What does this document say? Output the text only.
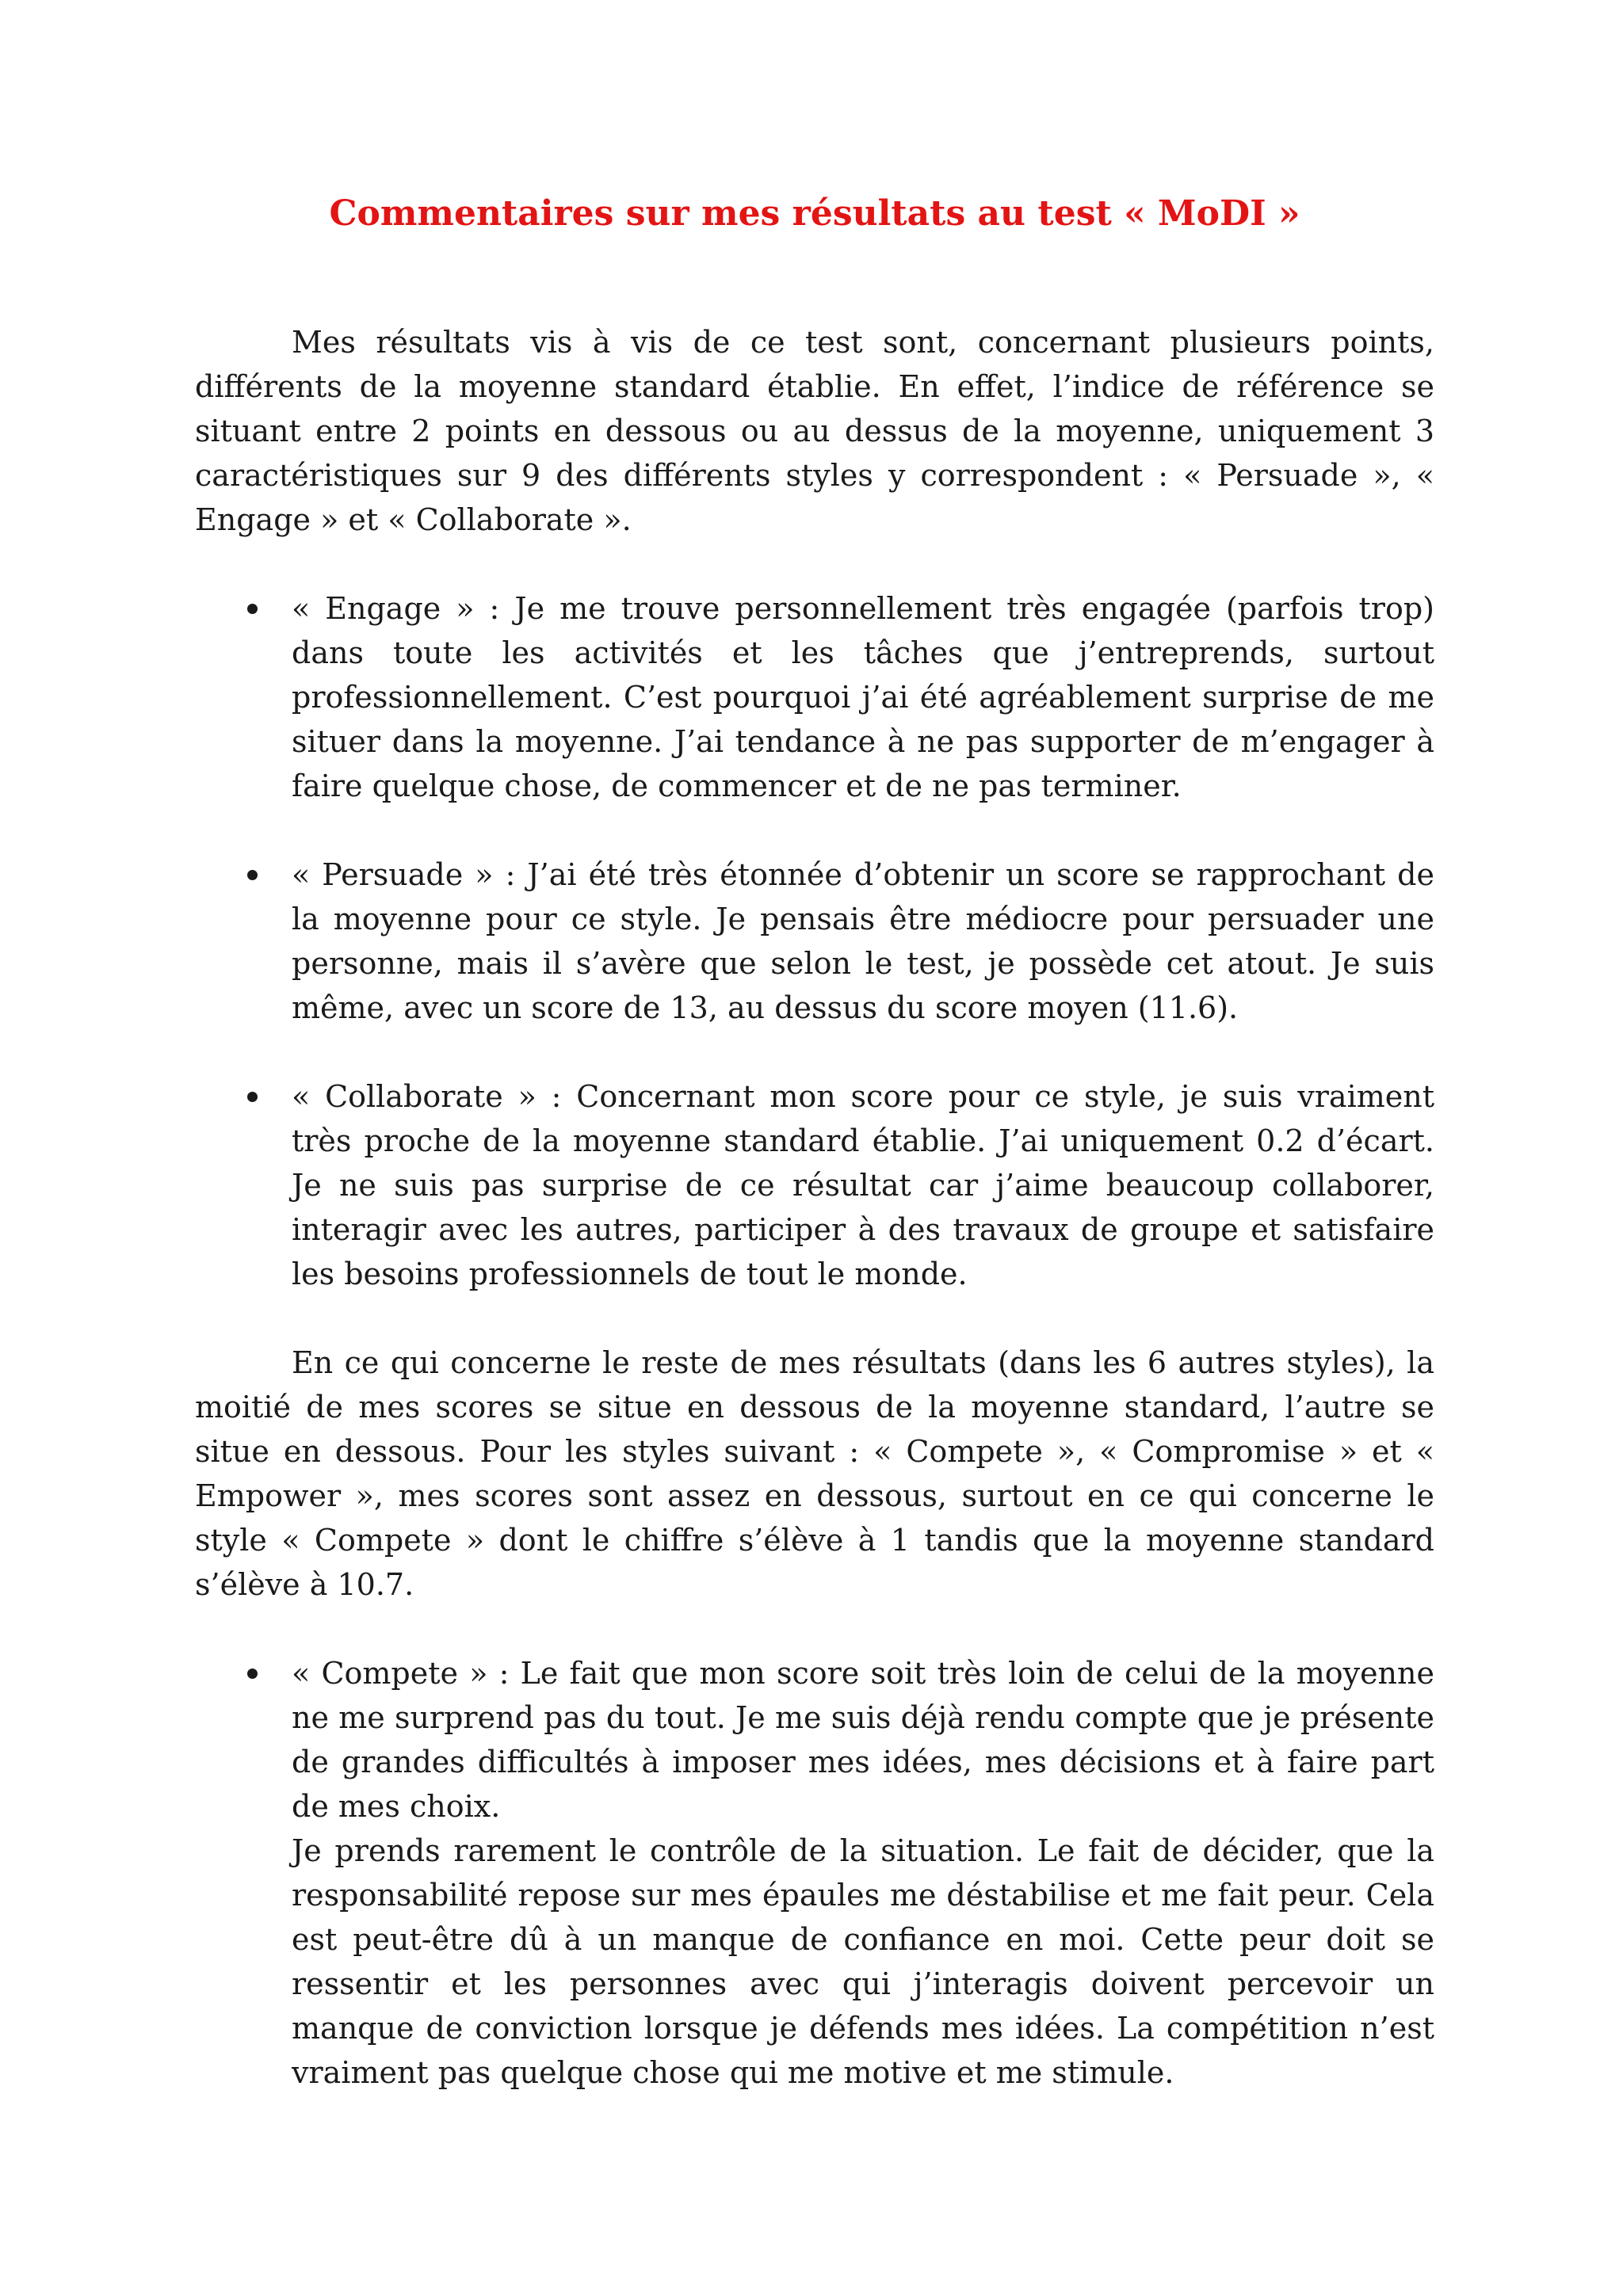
Commentaires sur mes résultats au test « MoDI »

Mes résultats vis à vis de ce test sont, concernant plusieurs points, différents de la moyenne standard établie. En effet, l’indice de référence se situant entre 2 points en dessous ou au dessus de la moyenne, uniquement 3 caractéristiques sur 9 des différents styles y correspondent : « Persuade », « Engage » et « Collaborate ».

« Engage » : Je me trouve personnellement très engagée (parfois trop) dans toute les activités et les tâches que j’entreprends, surtout professionnellement. C’est pourquoi j’ai été agréablement surprise de me situer dans la moyenne. J’ai tendance à ne pas supporter de m’engager à faire quelque chose, de commencer et de ne pas terminer.
« Persuade » : J’ai été très étonnée d’obtenir un score se rapprochant de la moyenne pour ce style. Je pensais être médiocre pour persuader une personne, mais il s’avère que selon le test, je possède cet atout. Je suis même, avec un score de 13, au dessus du score moyen (11.6).
« Collaborate » : Concernant mon score pour ce style, je suis vraiment très proche de la moyenne standard établie. J’ai uniquement 0.2 d’écart. Je ne suis pas surprise de ce résultat car j’aime beaucoup collaborer, interagir avec les autres, participer à des travaux de groupe et satisfaire les besoins professionnels de tout le monde.

En ce qui concerne le reste de mes résultats (dans les 6 autres styles), la moitié de mes scores se situe en dessous de la moyenne standard, l’autre se situe en dessous. Pour les styles suivant : « Compete », « Compromise » et « Empower », mes scores sont assez en dessous, surtout en ce qui concerne le style « Compete » dont le chiffre s’élève à 1 tandis que la moyenne standard s’élève à 10.7.

« Compete » : Le fait que mon score soit très loin de celui de la moyenne ne me surprend pas du tout. Je me suis déjà rendu compte que je présente de grandes difficultés à imposer mes idées, mes décisions et à faire part de mes choix.
Je prends rarement le contrôle de la situation. Le fait de décider, que la responsabilité repose sur mes épaules me déstabilise et me fait peur. Cela est peut-être dû à un manque de confiance en moi. Cette peur doit se ressentir et les personnes avec qui j’interagis doivent percevoir un manque de conviction lorsque je défends mes idées. La compétition n’est vraiment pas quelque chose qui me motive et me stimule.
